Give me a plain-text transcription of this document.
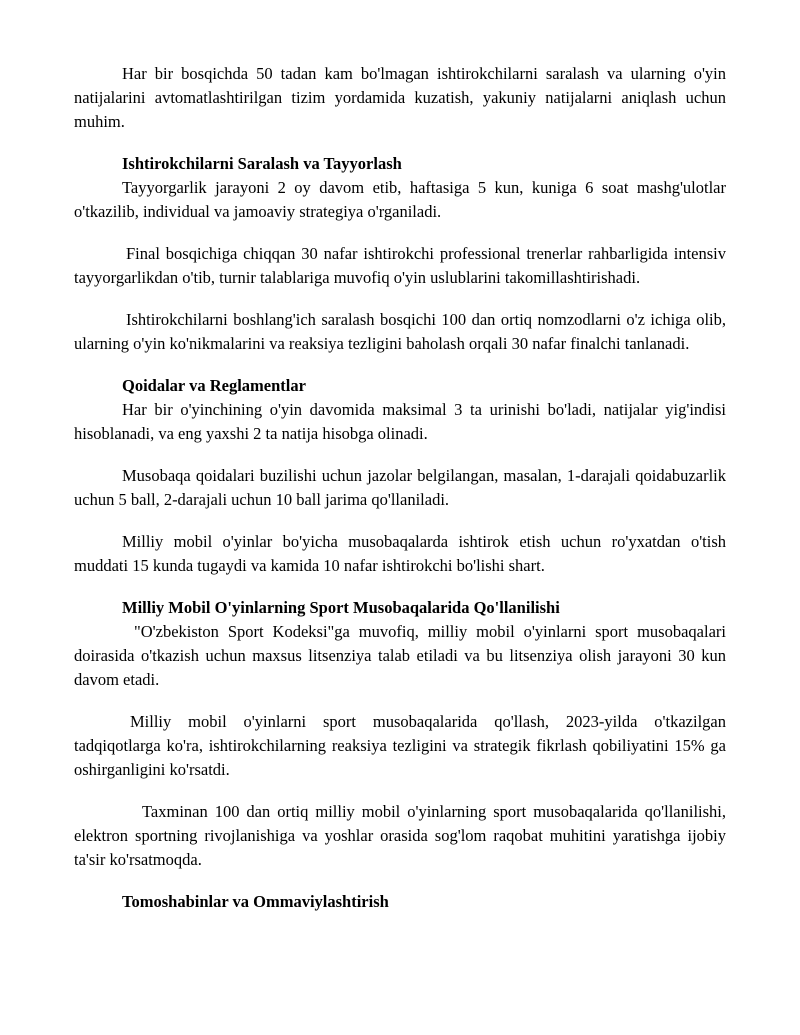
Har bir bosqichda 50 tadan kam bo'lmagan ishtirokchilarni saralash va ularning o'yin natijalarini avtomatlashtirilgan tizim yordamida kuzatish, yakuniy natijalarni aniqlash uchun muhim.

Ishtirokchilarni Saralash va Tayyorlash

Tayyorgarlik jarayoni 2 oy davom etib, haftasiga 5 kun, kuniga 6 soat mashg'ulotlar o'tkazilib, individual va jamoaviy strategiya o'rganiladi.

Final bosqichiga chiqqan 30 nafar ishtirokchi professional trenerlar rahbarligida intensiv tayyorgarlikdan o'tib, turnir talablariga muvofiq o'yin uslublarini takomillashtirishadi.

Ishtirokchilarni boshlang'ich saralash bosqichi 100 dan ortiq nomzodlarni o'z ichiga olib, ularning o'yin ko'nikmalarini va reaksiya tezligini baholash orqali 30 nafar finalchi tanlanadi.

Qoidalar va Reglamentlar

Har bir o'yinchining o'yin davomida maksimal 3 ta urinishi bo'ladi, natijalar yig'indisi hisoblanadi, va eng yaxshi 2 ta natija hisobga olinadi.

Musobaqa qoidalari buzilishi uchun jazolar belgilangan, masalan, 1-darajali qoidabuzarlik uchun 5 ball, 2-darajali uchun 10 ball jarima qo'llaniladi.

Milliy mobil o'yinlar bo'yicha musobaqalarda ishtirok etish uchun ro'yxatdan o'tish muddati 15 kunda tugaydi va kamida 10 nafar ishtirokchi bo'lishi shart.

Milliy Mobil O'yinlarning Sport Musobaqalarida Qo'llanilishi

"O'zbekiston Sport Kodeksi"ga muvofiq, milliy mobil o'yinlarni sport musobaqalari doirasida o'tkazish uchun maxsus litsenziya talab etiladi va bu litsenziya olish jarayoni 30 kun davom etadi.

Milliy mobil o'yinlarni sport musobaqalarida qo'llash, 2023-yilda o'tkazilgan tadqiqotlarga ko'ra, ishtirokchilarning reaksiya tezligini va strategik fikrlash qobiliyatini 15% ga oshirganligini ko'rsatdi.

Taxminan 100 dan ortiq milliy mobil o'yinlarning sport musobaqalarida qo'llanilishi, elektron sportning rivojlanishiga va yoshlar orasida sog'lom raqobat muhitini yaratishga ijobiy ta'sir ko'rsatmoqda.

Tomoshabinlar va Ommaviylashtirish
